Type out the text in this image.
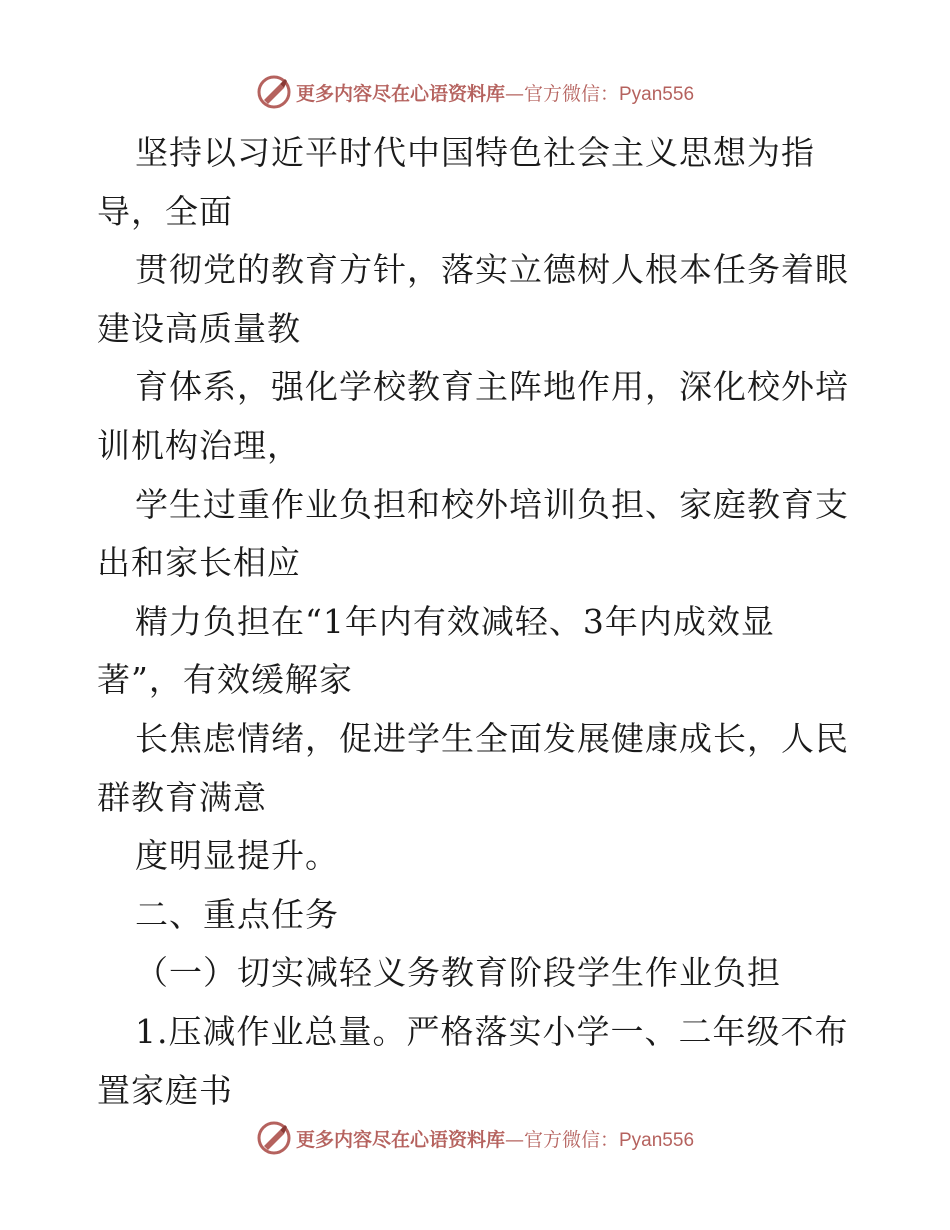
更多内容尽在心语资料库—官方微信：Pyan556
坚持以习近平时代中国特色社会主义思想为指
导，全面
贯彻党的教育方针，落实立德树人根本任务着眼
建设高质量教
育体系，强化学校教育主阵地作用，深化校外培
训机构治理，
学生过重作业负担和校外培训负担、家庭教育支
出和家长相应
精力负担在“1年内有效减轻、3年内成效显
著”，有效缓解家
长焦虑情绪，促进学生全面发展健康成长，人民
群教育满意
度明显提升。
二、重点任务
（一）切实减轻义务教育阶段学生作业负担
1.压减作业总量。严格落实小学一、二年级不布
置家庭书
更多内容尽在心语资料库—官方微信：Pyan556
